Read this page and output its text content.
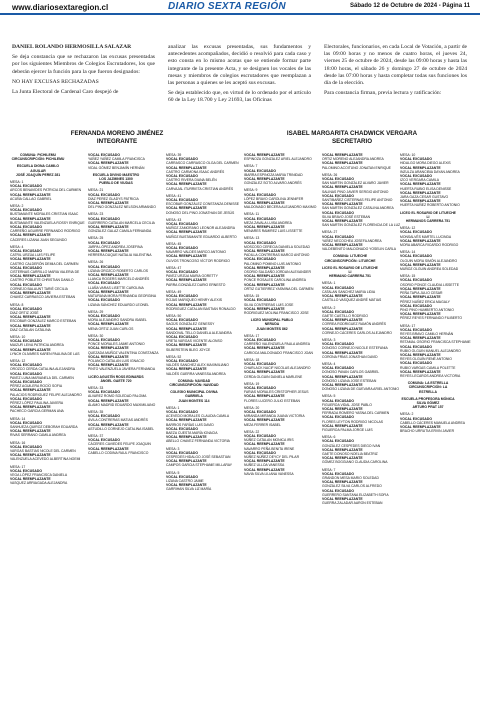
www.diariosextaregion.cl	DIARIO SEXTA REGIÓN	Sábado 12 de Octubre de 2024 - Página 11

DANIEL ROLANDO HERMOSILLA SALAZAR

Se deja constancia que se rechazaron las excusas presentadas por los siguientes Miembros de Colegios Escrutadores, los que deberán ejercer la función para la que fueron designados:

NO HAY EXCUSAS RECHAZADAS

La Junta Electoral de Cardenal Caro despejó de

analizar las excusas presentadas, sus fundamentos y antecedentes acompañados, decidió o resolvió para cada caso y esto consta en lo mismo acotas que se entiende formar parte integrante de la presente Acta, y se designen los vocales de las mesas y miembros de colegios escrutadores que reemplazan a las personas a quienes se les aceptó sus excusas.

Se deja establecido que, en virtud de lo ordenado por el artículo 60 de la Ley 18.700 y Ley 21693, las Oficinas

Electorales, funcionarios, en cada Local de Votación, a partir de las 09:00 horas y no menos de cuatro horas, el jueves 24, viernes 25 de octubre de 2024, desde las 09:00 horas y hasta las 18:00 horas, el sábado 26 y domingo 27 de octubre de 2024 desde las 07:00 horas y hasta completar todas sus funciones los día de la elección.

Para constancia firman, previa lectura y ratificación:

FERNANDA MORENO JIMÉNEZ
INTEGRANTE
ISABEL MARGARITA CHADWICK VERGARA
SECRETARIO
COMUNA: PICHILEMU
CIRCUNSCRIPCIÓN: PICHILEMU
ESCUELA DIGNA CAMILO AGUILAR
JOSÉ JOAQUÍN PEREZ 281
MESA: 1
VOCAL EXCUSADO
ARCOS BENAVIDES PATRICIA DEL CARMEN
VOCAL REEMPLAZANTE
ACUÑA CALLAO GABRIEL
MESA: 2
VOCAL EXCUSADO
BUSTAMANTE MORALES CRISTIAN ISAAC
VOCAL REEMPLAZANTE
BUSTAMANTE VALENZUELA ROSSY ENRIQUE
VOCAL EXCUSADO
CARREÑO AGUIRRE FERNANDO RODRIGO
VOCAL REEMPLAZANTE
CÁCERES LIZANA JUAN SEGUNDO
MESA: 4
VOCAL EXCUSADO
CATRIL URZÚA LUIS FELIPE
VOCAL REEMPLAZANTE
CASTRO CALDERÓN DEMIA DEL CARMEN
VOCAL EXCUSADO
CISTERNAS CARRILLO MARIA VALERIA DE
VOCAL REEMPLAZANTE
CASTRO POBLETE CHRISTIAN DANILO
VOCAL EXCUSADO
CORNEJO BALAUNT TARIÉ CECILIA
VOCAL REEMPLAZANTE
CHAVEZ CARRASCO JAVIERA ESTEBAN
MESA: 8
VOCAL EXCUSADO
DÍAZ ORTIZ JOSÉ
VOCAL REEMPLAZANTE
ESCOBAR GONZÁLEZ MARCO ESTEBAN
VOCAL REEMPLAZANTE
DÍAZ CATALAN CATALINA
MESA: 10
VOCAL EXCUSADO
MAIZUR LEIVA PATRICIA ANDREA
VOCAL REEMPLAZANTE
LYNCH OLIVARES KAREN PAULINA DE LAS
MESA: 12
VOCAL EXCUSADO
OROZCO CERDA CATALINA ALEJANDRA
VOCAL EXCUSADO
PAVEZ LUNA MARIANELA DEL CARMEN
VOCAL EXCUSADO
PÉREZ AGUILERA ROCÍO SOFIA
VOCAL REEMPLAZANTE
PALACIOS RODRIGUEZ FELIPE ALEJANDRO
VOCAL EXCUSADO
PÉREZ LÓPEZ PAULINA JAVIERA
VOCAL REEMPLAZANTE
PACHECO GARCIA GERMAN ANA
MESA: 14
VOCAL EXCUSADO
SANHUEZA QUIROZ DEBORAH EDUARDA
VOCAL REEMPLAZANTE
RIVAS SERRANO CAMILA ANDREA
MESA: 16
VOCAL EXCUSADO
VARGAS BASTIAS NICOLE DEL CARMEN
VOCAL REEMPLAZANTE
VALENZUELA ACEVEDO ALBERTINA NOEMI
MESA: 17
VOCAL EXCUSADO
VEGA LÓPEZ FRANCISCA DANIELA
VOCAL REEMPLAZANTE
VASQUEZ ARRIAGADA ALEJANDRA
VOCAL EXCUSADO
YAÑEZ YAÑEZ CAMILA FRANCISCA
VOCAL REEMPLAZANTE
VIDAL GÓMEZ BENJAMÍN HERNÁN
ESCUELA DIVINO MAESTRO
LOS JAZMINES 1300
PUEBLO DE VIUDAS
MESA: 21
VOCAL EXCUSADO
DÍAZ PEREZ GLADYS PATRICIA
VOCAL REEMPLAZANTE
DEL PINO GONZÁLEZ NELSON ARMANDO
MESA: 23
VOCAL EXCUSADO
GUERRERO CATALAN MARCELA CECILIA
VOCAL REEMPLAZANTE
GONZÁLEZ GALAZ CAMILA FERNANDA
MESA: 25
VOCAL EXCUSADO
JARPA LÓPEZ ANDREA JOSEFINA
VOCAL REEMPLAZANTE
HERRERA DUQUE NATALIA VALENTINA
MESA: 26
VOCAL EXCUSADO
LIZANA OROZCO ROBERTO CARLOS
VOCAL REEMPLAZANTE
LLANCA ROGERS MARCELO ANDRÉS
VOCAL EXCUSADO
LLAÑA VARAS LISETTE CAROLINA
VOCAL REEMPLAZANTE
MATURANA MORA FERNANDA GEORGINA
VOCAL EXCUSADO
LIZANA SÁNCHEZ EDUARDO LEONEL
MESA: 29
VOCAL EXCUSADO
MORA ALEJANDRO SANDRA ISABEL
VOCAL REEMPLAZANTE
MENA ORTIZ JUAN CARLOS
MESA: 30
VOCAL EXCUSADO
PONCE MORALES JAIME ANTONIO
VOCAL REEMPLAZANTE
QUEZADA MUÑOZ VALENTINA CONSTANZA
VOCAL REEMPLAZANTE
POLANCO CATALAN LUIS IGNACIO
VOCAL REEMPLAZANTE
PINTO VALENZUELA JAVIERA FERNANDA
LICEO AGUSTÍN ROSS EDWARDS
ÁNGEL GAETE 720
MESA: 33
VOCAL EXCUSADO
ALVAREZ ROMO SOLEDAD PALOMA
VOCAL REEMPLAZANTE
ÁLAMO MADRID EDUARDO MAXIMILIANO
MESA: 35
VOCAL EXCUSADO
ÁVILA CONTRERAS MATIAS ANDRÉS
VOCAL REEMPLAZANTE
ASTUDILLO CORNEJO CATALINA ISABEL
MESA: 37
VOCAL EXCUSADO
CÁCERES CAVIEDES FELIPE JOAQUIN
VOCAL REEMPLAZANTE
CABELLO CODINA RAUL FRANCISCO
MESA: 39
VOCAL EXCUSADO
CARRASCO CARRASCO OLGA DEL CARMEN
VOCAL REEMPLAZANTE
CASTRO CARMONA ISAAC ANDRÉS
VOCAL EXCUSADO
CASTRO RIVERA DIANA BELÉN
VOCAL REEMPLAZANTE
CARVAJAL ITURRIETA CRISTIAN ANDRÉS
MESA: 41
VOCAL EXCUSADO
ESCOBAR GONZÁLEZ CONSTANZA DENISSE
VOCAL REEMPLAZANTE
DONOSO DEL PINO JONATHAN DE JESÚS
MESA: 43
VOCAL EXCUSADO
MUÑOZ ZAMORANO LEONOR ALEJANDRA
VOCAL REEMPLAZANTE
MUÑOZ BUSTAMANTE EDUARDO ALBERTO
MESA: 45
VOCAL EXCUSADO
NAVARRO VALDES MARCO ANTONIO
VOCAL REEMPLAZANTE
OLIVOS TRONCOSO VÍCTOR RODRIGO
MESA: 47
VOCAL EXCUSADO
PAVEZ URZÚA MARIA GORETTY
VOCAL REEMPLAZANTE
PARRA GONZÁLEZ DARIO ERNESTO
MESA: 49
VOCAL EXCUSADO
ROJAS MARIQUEO HENRY ALEXIS
VOCAL REEMPLAZANTE
RODRIGUEZ CATALAN BASTIAN RONALDO
MESA: 50
VOCAL EXCUSADO
SAGÜS GONZÁLEZ GENESSY
VOCAL REEMPLAZANTE
SANDOVAL TELLO DANIELA ALEJANDRA
VOCAL EXCUSADO
URETA VARGAS VICENTE ALONSO
VOCAL REEMPLAZANTE
SILBERSTEIN BLEG JOYCE
MESA: 52
VOCAL EXCUSADO
VALDÉS SANCHEZ ALEX MAXIMILIANO
VOCAL REEMPLAZANTE
VALDÉS GUERRA VANESSA ANDREA
COMUNA: NAVIDAD
CIRCUNSCRIPCIÓN: NAVIDAD
COLEGIO MUNICIPAL DIVINA GABRIELA
JUAN MONTES 114
MESA: 1
VOCAL EXCUSADO
ACEVEDO MORALES CLAUDIA CAMILA
VOCAL REEMPLAZANTE
BARRIOS FARÍAS LUIS DAVID
VOCAL EXCUSADO
BAEZA CUESTA MARÍA IGNACIA
VOCAL REEMPLAZANTE
ABELLO CHAVEZ FERNANDA VICTORIA
MESA: 3
VOCAL EXCUSADO
CESPEDES HIDALGO JOSÉ SEBASTIAN
VOCAL REEMPLAZANTE
CAMPOS GARCIA STEPHANIE MILLARAY
MESA: 5
VOCAL EXCUSADO
LIZANA CASTRO JAIME
VOCAL REEMPLAZANTE
GARRIHAN SILVA LIZ MARÍA
VOCAL REEMPLAZANTE
ESPINOZA GONZÁLEZ ARIEL ALEJANDRO
MESA: 7
VOCAL EXCUSADO
IBARRA ESPINOZA MARIA TRINIDAD
VOCAL REEMPLAZANTE
GONZÁLEZ SOTO ALVARO ANDRÉS
MESA: 9
VOCAL EXCUSADO
LÓPEZ BRAVO CAROLINA JENNIFER
VOCAL REEMPLAZANTE
MALDONADO BECERA ALEJANDRO MAXIMO
MESA: 11
VOCAL EXCUSADO
MEZA ZAVALA LUISA ANDREA
VOCAL REEMPLAZANTE
MENARES RAMIREZ LUIS LISSETTE
MESA: 13
VOCAL EXCUSADO
MOSCOSO CERECIA DANIELA SOLEDAD
VOCAL REEMPLAZANTE
PADILLA CONTRERAS MARCO ANTONIO
VOCAL EXCUSADO
PALOMINO POMINO LUIS ANTONIO
VOCAL REEMPLAZANTE
OSORIO SALDAÑO JORDAN ALEXANDER
VOCAL REEMPLAZANTE
PONCE ROSALES CAROLINA ANDREA
VOCAL REEMPLAZANTE
ORTIZ GUTIERREZ YASMINA DEL CARMEN
MESA: 15
VOCAL EXCUSADO
SILVA CONTRERAS LUIS JOSE
VOCAL REEMPLAZANTE
RODRIGUEZ MOLINA FRANCISCO JOSE
LICEO MUNICIPAL PABLO NERUDA
JUAN MONTES 862
MESA: 17
VOCAL EXCUSADO
CARREÑO VALENZUELA PAULA ANDREA
VOCAL REEMPLAZANTE
CARIOCA MALDONADO FRANCISCO JOAN
MESA: 18
VOCAL EXCUSADO
CHARLACK NACIF NICOLAS ALEJANDRO
VOCAL REEMPLAZANTE
CERDA OLGUIN DANIELA MARLENE
MESA: 19
VOCAL EXCUSADO
FARIAS MORALES CRISTOPHER JESUS
VOCAL REEMPLAZANTE
FLORES LUCERO JULIO ESTEBAN
MESA: 20
VOCAL EXCUSADO
MIRANDA MIRANDA JUANA VICTORIA
VOCAL REEMPLAZANTE
MEZA FERRER ISABEL
MESA: 22
VOCAL EXCUSADO
NÚÑEZ CATALAN MONICA IRIS
VOCAL REEMPLAZANTE
NAVARRO PEÑA BENITA IRENE
VOCAL EXCUSADO
NÚÑEZ NÚÑEZ DEYCY DEL PILAR
VOCAL REEMPLAZANTE
NUÑEZ ULLOA VANESSA
VOCAL REEMPLAZANTE
NAVIA SILVA LILIANA VANESSA
VOCAL REEMPLAZANTE
ORTIZ MORENO ALEJANDRA ANDREA
VOCAL REEMPLAZANTE
PALOMINO ACOITUNO JONATAN ENRIQUE
MESA: 26
VOCAL EXCUSADO
SAN MARTIN GONZÁLEZ ALVARO JAVIER
VOCAL REEMPLAZANTE
SALINAS PINO JAVIER SERGIO ANTONIO
VOCAL EXCUSADO
SANTIBAÑEZ CISTERNAS FELIPE ANTONIO
VOCAL REEMPLAZANTE
SAN MARTIN GONZÁLEZ CATALINA ANDREA
VOCAL EXCUSADO
SILVA BRAVO JOSÉ ESTEBAN
VOCAL REEMPLAZANTE
SAN MARTIN GONZÁLEZ FLORENCIA DE LA LUZ
MESA: 27
VOCAL EXCUSADO
YAÑEZ NECOCHEA JOSEFA ANDREA
VOCAL REEMPLAZANTE
VALDEBENITO MALDONADO YOSELIN CARLA
COMUNA: LITUECHE
CIRCUNSCRIPCIÓN: LITUECHE
LICEO EL ROSARIO DE LITUECHE LI
HERMANO CARRERA 751
MESA: 1
VOCAL EXCUSADO
CATALAN SANCHEZ MARIA LIDIA
VOCAL REEMPLAZANTE
CASTILLO VASQUEZ ANDRÉ MATIAS
MESA: 2
VOCAL EXCUSADO
GAETE CASTILLO RODRIGO
VOCAL REEMPLAZANTE
CORREA RODRIGUEZ RAMÓN ANDRÉS
VOCAL REEMPLAZANTE
CORNEJO CÁCERES CARLOS ALEJANDRO
MESA: 3
VOCAL EXCUSADO
DONOSO CORNEJO NICOLE ESTEFANIA
VOCAL REEMPLAZANTE
CORONA FRÍAS JONATHAN DAVID
MESA: 4
VOCAL EXCUSADO
DONOSO PAVAN CARLOS GABRIEL
VOCAL REEMPLAZANTE
DONOSO LIZANA JOSE ESTEBAN
VOCAL REEMPLAZANTE
DONOSO LIZANA DE GUEVARA ARIEL ANTONIO
MESA: 5
VOCAL EXCUSADO
FIGUEROA VIDAL JOSE PABLO
VOCAL REEMPLAZANTE
FERRADA ROMERO YASNA DEL CARMEN
VOCAL EXCUSADO
FLORES LEYTON RODRIGO NICOLAS
VOCAL REEMPLAZANTE
FIGUEROA PALMA JORGE LUIS
MESA: 6
VOCAL EXCUSADO
GONZÁLEZ CESPEDES DIEGO IVAN
VOCAL REEMPLAZANTE
GAETE DONOSO NOELIA BEATRIZ
VOCAL REEMPLAZANTE
GÓMEZ BOGGIANO CLAUDIA CAROLINA
MESA: 7
VOCAL EXCUSADO
GRANDON MESA MARIO SOLEDAD
VOCAL REEMPLAZANTE
GONZÁLEZ SILVA CARLOS ALFREDO
VOCAL EXCUSADO
GUERRERO SANTANA ELIZABETH SOFIA
VOCAL REEMPLAZANTE
GUERRA ZALADAR AARON ESTEBAN
MESA: 10
VOCAL EXCUSADO
HIDALGO MORA DIEGO ALEXIS
VOCAL REEMPLAZANTE
INZULZA ARANCIBIA DAYAN ANDREA
VOCAL EXCUSADO
IZCO VERGARA CAMILA
VOCAL REEMPLAZANTE
HUERTA RUBIO ELISA DENISSE
VOCAL REEMPLAZANTE
JARA GAZA CESAR GUSTAVO
VOCAL REEMPLAZANTE
HUERTA NUÑEZ ROBERTO ANTONIO
LICEO EL ROSARIO DE LITUECHE LI
HERMANOS CARRERA 751
MESA: 12
VOCAL EXCUSADO
MONSALVÉS MARTEL LUCINDA
VOCAL REEMPLAZANTE
MORA ABARCA RICARDO RODRIGO
MESA: 14
VOCAL EXCUSADO
OLGUIN MORA SIMÓN ALEJANDRO
VOCAL REEMPLAZANTE
MUÑOZ OLGUIN ANDREA SOLEDAD
MESA: 15
VOCAL EXCUSADO
OSORIO PONCE CLAUDIA LISSETTE
VOCAL REEMPLAZANTE
PEÑA TAPIA JULIO CESAR
VOCAL REEMPLAZANTE
PÉREZ NUÑEZ ERICA MAGALY
VOCAL EXCUSADO
PINO PINO HUMBERTO ANTONIO
VOCAL REEMPLAZANTE
PÉREZ REYES FERNANDO FILIBERTO
MESA: 17
VOCAL EXCUSADO
REYES BRAVO CAMILO HERNÁN
VOCAL REEMPLAZANTE
RETAMAL OSORIO FRANCISCA STEPHANIE
VOCAL EXCUSADO
RUBIO OLGUIN MANUEL ALEJANDRO
VOCAL REEMPLAZANTE
REYES OLGUÍN RENÉ ANTONIO
VOCAL EXCUSADO
RUBIO VARGAS CAMILA POLETTE
VOCAL REEMPLAZANTE
REYES LECAROS ANDREA VICTORIA
COMUNA: LA ESTRELLA
CIRCUNSCRIPCIÓN: LA ESTRELLA
ESCUELA PROFESORA MÓNICA SILVA GÓMEZ
ARTURO PRAT 157
MESA: 2
VOCAL EXCUSADO
CABELLO CÁCERES MANUELA ANDREA
VOCAL REEMPLAZANTE
BRACHO URRUTIA ERVIN JAVIER
